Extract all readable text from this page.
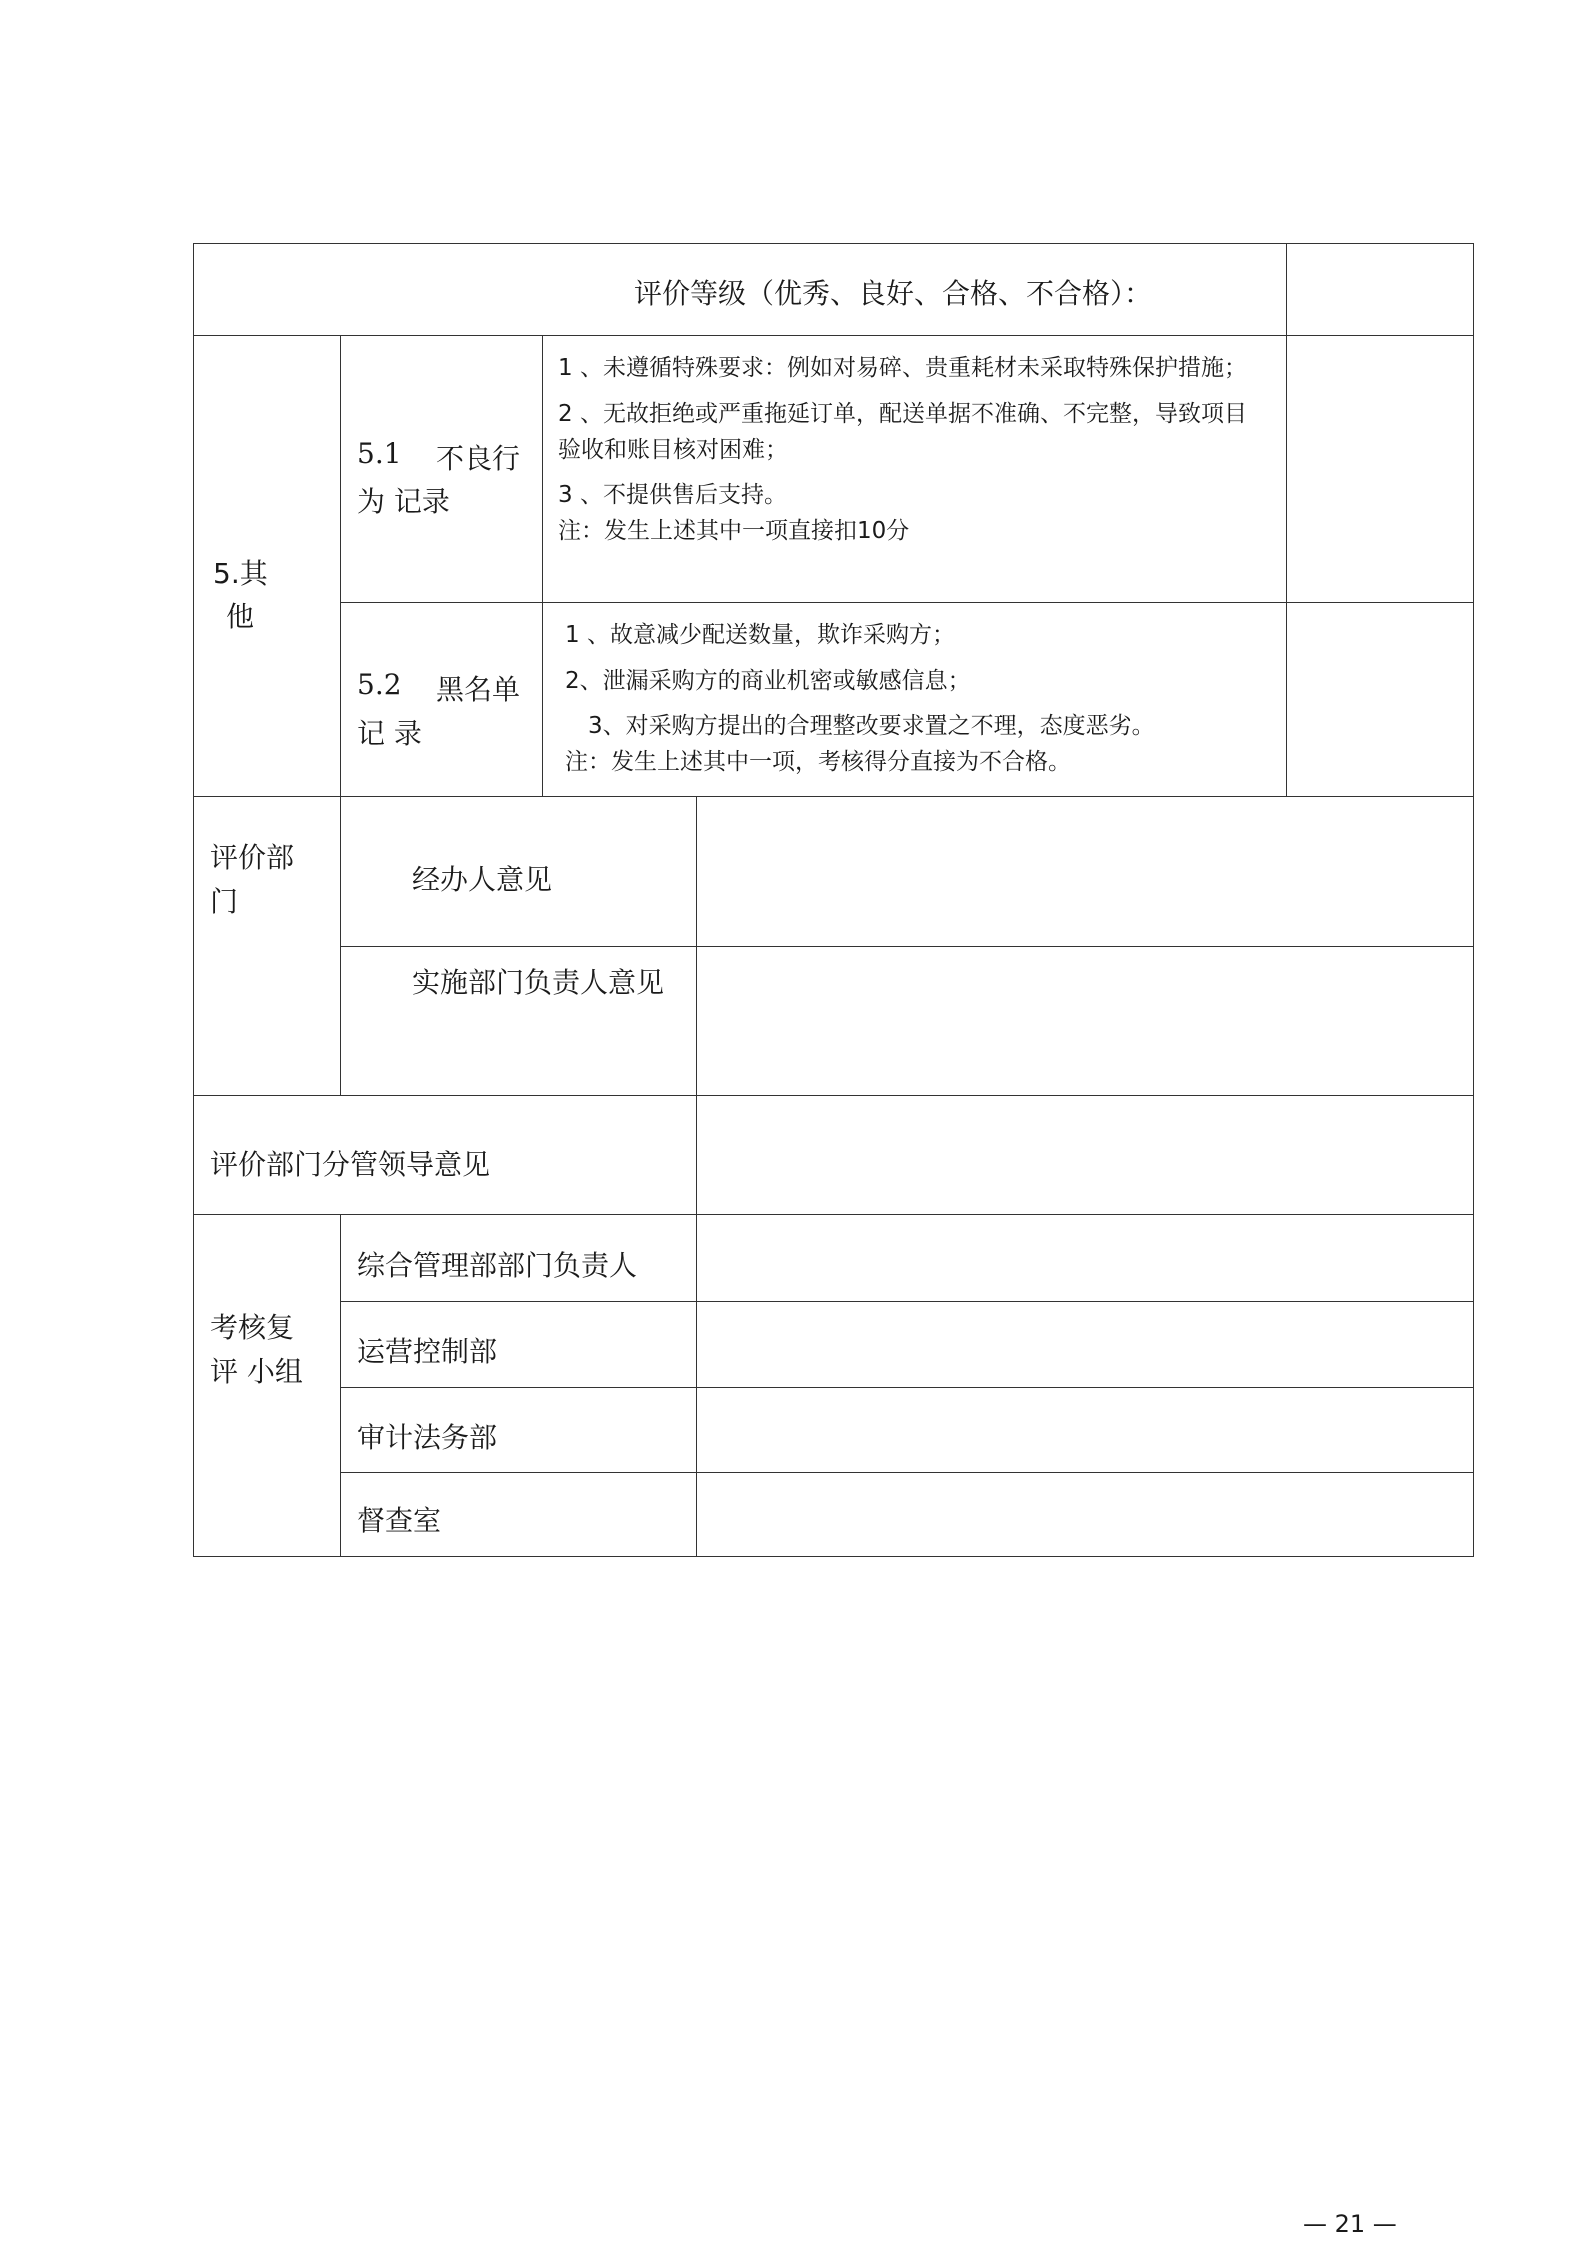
评价等级（优秀、良好、合格、不合格）：
5.其
他
5.1 不良行
为 记录
1 、未遵循特殊要求：例如对易碎、贵重耗材未采取特殊保护措施；
2 、无故拒绝或严重拖延订单，配送单据不准确、不完整，导致项目
验收和账目核对困难；
3 、不提供售后支持。
注：发生上述其中一项直接扣10分
5.2 黑名单
记 录
1 、故意减少配送数量，欺诈采购方；
2、泄漏采购方的商业机密或敏感信息；
3、对采购方提出的合理整改要求置之不理，态度恶劣。
注：发生上述其中一项，考核得分直接为不合格。
评价部
门
经办人意见
实施部门负责人意见
评价部门分管领导意见
考核复
评 小组
综合管理部部门负责人
运营控制部
审计法务部
督查室
— 21 —
